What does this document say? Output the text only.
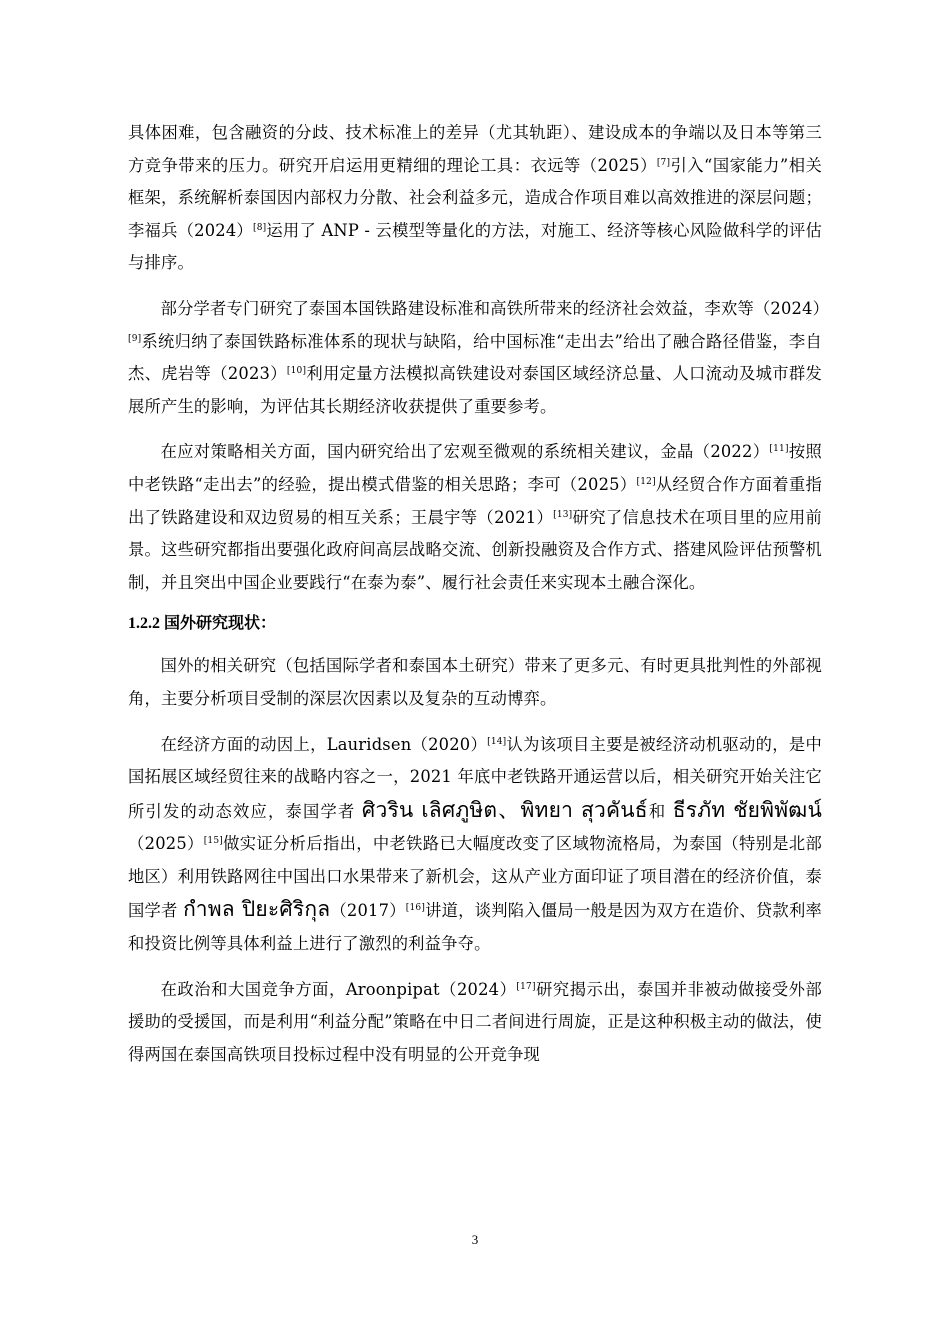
具体困难，包含融资的分歧、技术标准上的差异（尤其轨距）、建设成本的争端以及日本等第三方竞争带来的压力。研究开启运用更精细的理论工具：衣远等（2025）[7]引入“国家能力”相关框架，系统解析泰国因内部权力分散、社会利益多元，造成合作项目难以高效推进的深层问题；李福兵（2024）[8]运用了 ANP - 云模型等量化的方法，对施工、经济等核心风险做科学的评估与排序。

部分学者专门研究了泰国本国铁路建设标准和高铁所带来的经济社会效益，李欢等（2024）[9]系统归纳了泰国铁路标准体系的现状与缺陷，给中国标准“走出去”给出了融合路径借鉴，李自杰、虎岩等（2023）[10]利用定量方法模拟高铁建设对泰国区域经济总量、人口流动及城市群发展所产生的影响，为评估其长期经济收获提供了重要参考。

在应对策略相关方面，国内研究给出了宏观至微观的系统相关建议，金晶（2022）[11]按照中老铁路“走出去”的经验，提出模式借鉴的相关思路；李可（2025）[12]从经贸合作方面着重指出了铁路建设和双边贸易的相互关系；王晨宇等（2021）[13]研究了信息技术在项目里的应用前景。这些研究都指出要强化政府间高层战略交流、创新投融资及合作方式、搭建风险评估预警机制，并且突出中国企业要践行“在泰为泰”、履行社会责任来实现本土融合深化。

1.2.2 国外研究现状：

国外的相关研究（包括国际学者和泰国本土研究）带来了更多元、有时更具批判性的外部视角，主要分析项目受制的深层次因素以及复杂的互动博弈。

在经济方面的动因上，Lauridsen（2020）[14]认为该项目主要是被经济动机驱动的，是中国拓展区域经贸往来的战略内容之一，2021 年底中老铁路开通运营以后，相关研究开始关注它所引发的动态效应，泰国学者 ศิวริน เลิศภูษิต、พิทยา สุวคันธ์和 ธีรภัท ชัยพิพัฒน์（2025）[15]做实证分析后指出，中老铁路已大幅度改变了区域物流格局，为泰国（特别是北部地区）利用铁路网往中国出口水果带来了新机会，这从产业方面印证了项目潜在的经济价值，泰国学者 กำพล ปิยะศิริกุล（2017）[16]讲道，谈判陷入僵局一般是因为双方在造价、贷款利率和投资比例等具体利益上进行了激烈的利益争夺。

在政治和大国竞争方面，Aroonpipat（2024）[17]研究揭示出，泰国并非被动做接受外部援助的受援国，而是利用“利益分配”策略在中日二者间进行周旋，正是这种积极主动的做法，使得两国在泰国高铁项目投标过程中没有明显的公开竞争现

3
